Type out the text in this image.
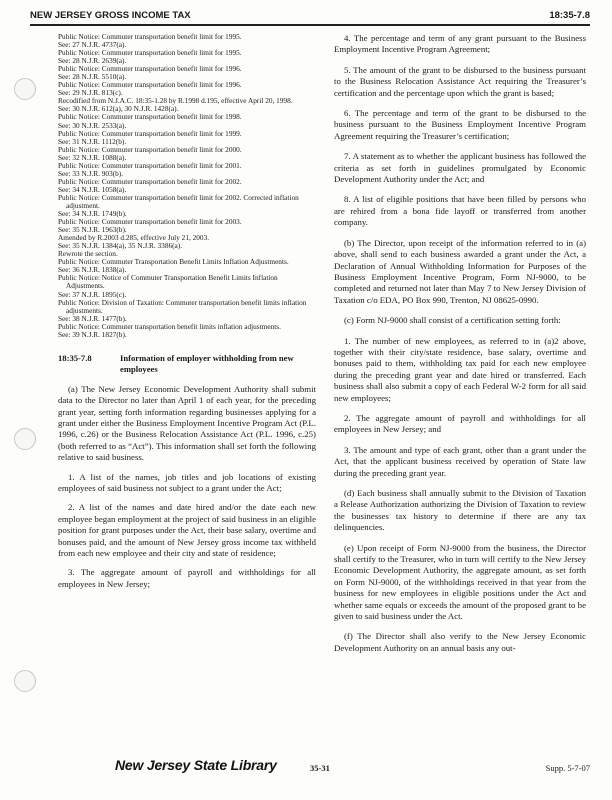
NEW JERSEY GROSS INCOME TAX	18:35-7.8
Public Notice: Commuter transportation benefit limit for 1995.
See: 27 N.J.R. 4737(a).
Public Notice: Commuter transportation benefit limit for 1995.
See: 28 N.J.R. 2639(a).
Public Notice: Commuter transportation benefit limit for 1996.
See: 28 N.J.R. 5510(a).
Public Notice: Commuter transportation benefit limit for 1996.
See: 29 N.J.R. 813(c).
Recodified from N.J.A.C. 18:35-1.28 by R.1998 d.195, effective April 20, 1998.
See: 30 N.J.R. 612(a), 30 N.J.R. 1428(a).
Public Notice: Commuter transportation benefit limit for 1998.
See: 30 N.J.R. 2533(a).
Public Notice: Commuter transportation benefit limit for 1999.
See: 31 N.J.R. 1112(b).
Public Notice: Commuter transportation benefit limit for 2000.
See: 32 N.J.R. 1088(a).
Public Notice: Commuter transportation benefit limit for 2001.
See: 33 N.J.R. 903(b).
Public Notice: Commuter transportation benefit limit for 2002.
See: 34 N.J.R. 1058(a).
Public Notice: Commuter transportation benefit limit for 2002. Corrected inflation adjustment.
See: 34 N.J.R. 1749(b).
Public Notice: Commuter transportation benefit limit for 2003.
See: 35 N.J.R. 1963(b).
Amended by R.2003 d.285, effective July 21, 2003.
See: 35 N.J.R. 1384(a), 35 N.J.R. 3386(a).
Rewrote the section.
Public Notice: Commuter Transportation Benefit Limits Inflation Adjustments.
See: 36 N.J.R. 1838(a).
Public Notice: Notice of Commuter Transportation Benefit Limits Inflation Adjustments.
See: 37 N.J.R. 1895(c).
Public Notice: Division of Taxation: Commuter transportation benefit limits inflation adjustments.
See: 38 N.J.R. 1477(b).
Public Notice: Commuter transportation benefit limits inflation adjustments.
See: 39 N.J.R. 1827(b).
18:35-7.8	Information of employer withholding from new employees

(a) The New Jersey Economic Development Authority shall submit data to the Director no later than April 1 of each year, for the preceding grant year, setting forth information regarding businesses applying for a grant under either the Business Employment Incentive Program Act (P.L. 1996, c.26) or the Business Relocation Assistance Act (P.L. 1996, c.25) (both referred to as “Act”). This information shall set forth the following relative to said business.

1. A list of the names, job titles and job locations of existing employees of said business not subject to a grant under the Act;

2. A list of the names and date hired and/or the date each new employee began employment at the project of said business in an eligible position for grant purposes under the Act, their base salary, overtime and bonuses paid, and the amount of New Jersey gross income tax withheld from each new employee and their city and state of residence;

3. The aggregate amount of payroll and withholdings for all employees in New Jersey;

4. The percentage and term of any grant pursuant to the Business Employment Incentive Program Agreement;

5. The amount of the grant to be disbursed to the business pursuant to the Business Relocation Assistance Act requiring the Treasurer’s certification and the percentage upon which the grant is based;

6. The percentage and term of the grant to be disbursed to the business pursuant to the Business Employment Incentive Program Agreement requiring the Treasurer’s certification;

7. A statement as to whether the applicant business has followed the criteria as set forth in guidelines promulgated by Economic Development Authority under the Act; and

8. A list of eligible positions that have been filled by persons who are rehired from a bona fide layoff or transferred from another company.

(b) The Director, upon receipt of the information referred to in (a) above, shall send to each business awarded a grant under the Act, a Declaration of Annual Withholding Information for Purposes of the Business Employment Incentive Program, Form NJ-9000, to be completed and returned not later than May 7 to New Jersey Division of Taxation c/o EDA, PO Box 990, Trenton, NJ 08625-0990.

(c) Form NJ-9000 shall consist of a certification setting forth:

1. The number of new employees, as referred to in (a)2 above, together with their city/state residence, base salary, overtime and bonuses paid to them, withholding tax paid for each new employee during the preceding grant year and date hired or transferred. Each business shall also submit a copy of each Federal W-2 form for all said new employees;

2. The aggregate amount of payroll and withholdings for all employees in New Jersey; and

3. The amount and type of each grant, other than a grant under the Act, that the applicant business received by operation of State law during the preceding grant year.

(d) Each business shall annually submit to the Division of Taxation a Release Authorization authorizing the Division of Taxation to review the businesses tax history to determine if there are any tax delinquencies.

(e) Upon receipt of Form NJ-9000 from the business, the Director shall certify to the Treasurer, who in turn will certify to the New Jersey Economic Development Authority, the aggregate amount, as set forth on Form NJ-9000, of the withholdings received in that year from the business for new employees in eligible positions under the Act and whether same equals or exceeds the amount of the proposed grant to be given to said business under the Act.

(f) The Director shall also verify to the New Jersey Economic Development Authority on an annual basis any out-

New Jersey State Library	35-31	Supp. 5-7-07
